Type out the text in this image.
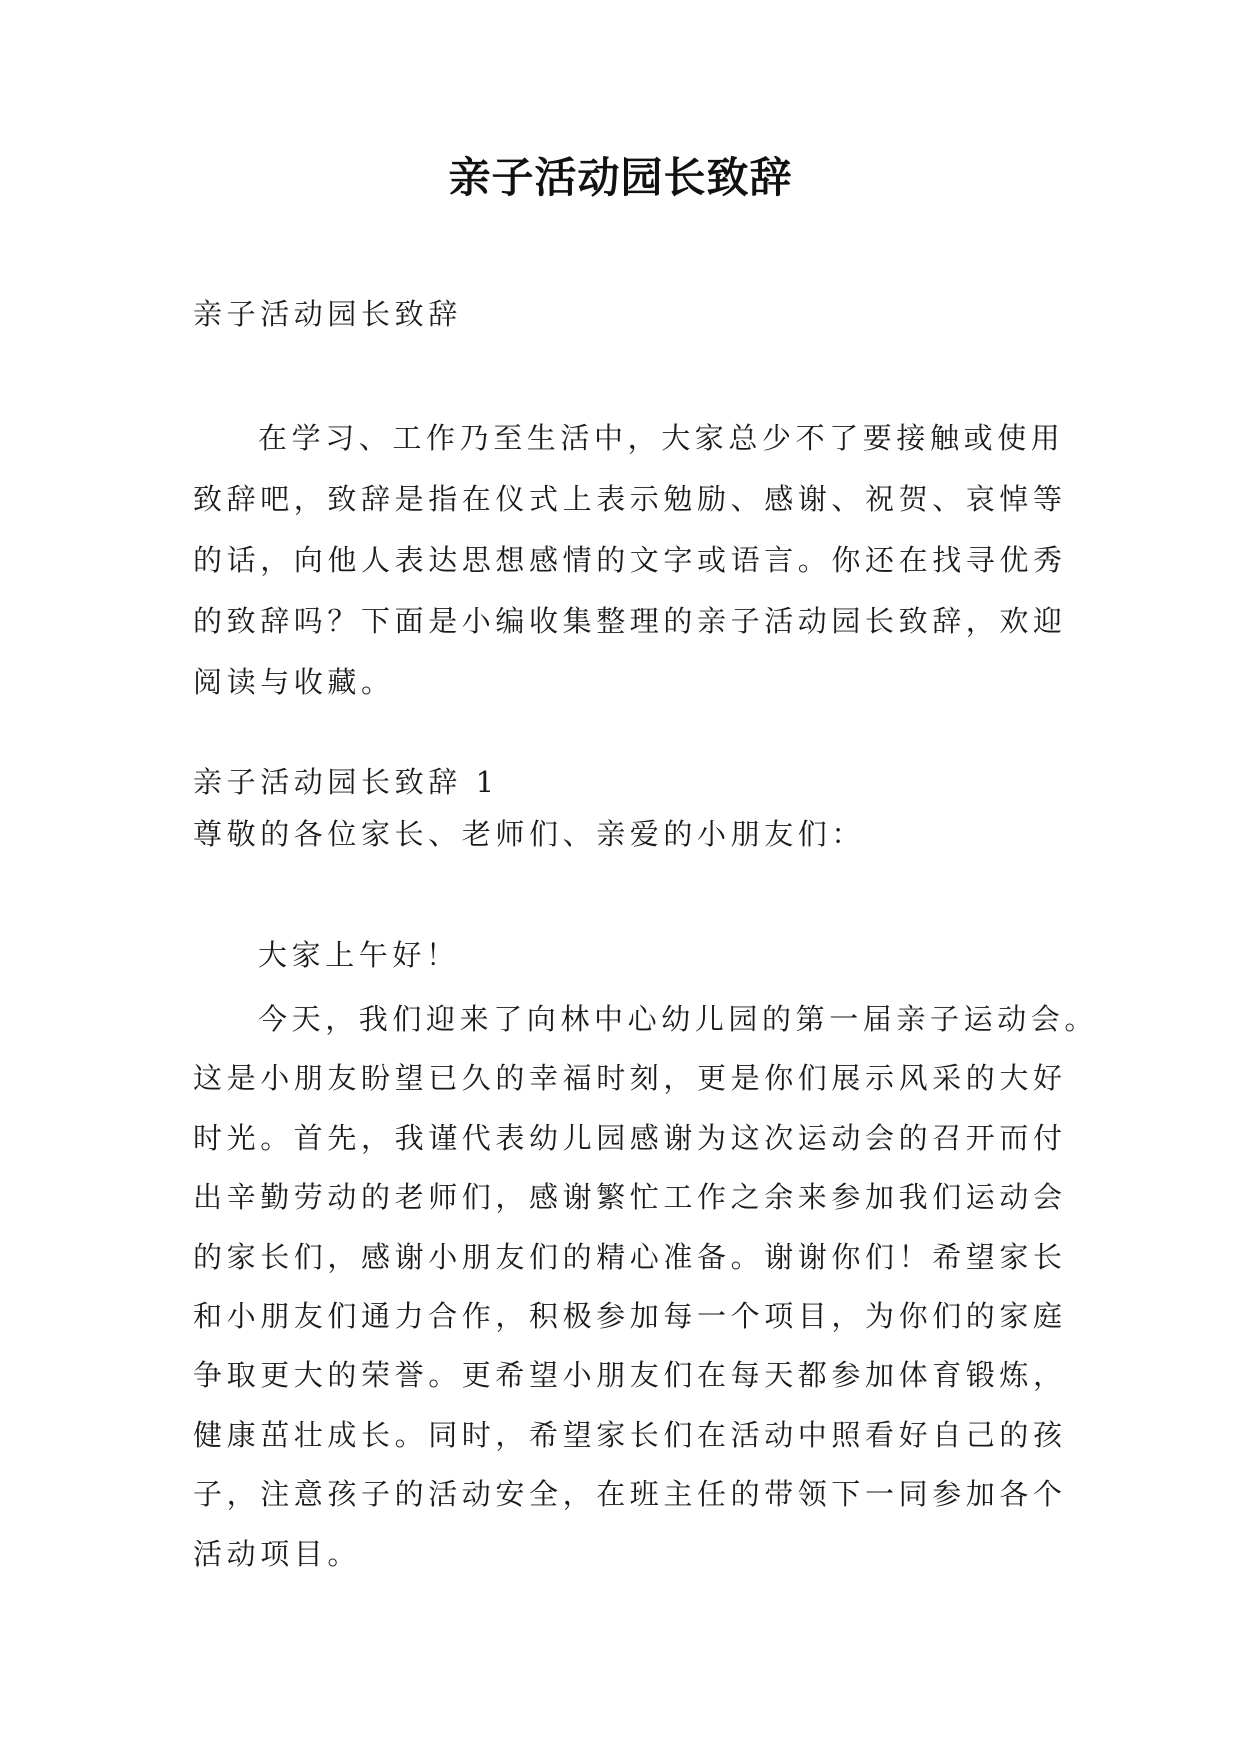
亲子活动园长致辞
亲子活动园长致辞
在学习、工作乃至生活中，大家总少不了要接触或使用
致辞吧，致辞是指在仪式上表示勉励、感谢、祝贺、哀悼等
的话，向他人表达思想感情的文字或语言。你还在找寻优秀
的致辞吗？下面是小编收集整理的亲子活动园长致辞，欢迎
阅读与收藏。
亲子活动园长致辞 1
尊敬的各位家长、老师们、亲爱的小朋友们：
大家上午好！
今天，我们迎来了向林中心幼儿园的第一届亲子运动会。
这是小朋友盼望已久的幸福时刻，更是你们展示风采的大好
时光。首先，我谨代表幼儿园感谢为这次运动会的召开而付
出辛勤劳动的老师们，感谢繁忙工作之余来参加我们运动会
的家长们，感谢小朋友们的精心准备。谢谢你们！希望家长
和小朋友们通力合作，积极参加每一个项目，为你们的家庭
争取更大的荣誉。更希望小朋友们在每天都参加体育锻炼，
健康茁壮成长。同时，希望家长们在活动中照看好自己的孩
子，注意孩子的活动安全，在班主任的带领下一同参加各个
活动项目。
